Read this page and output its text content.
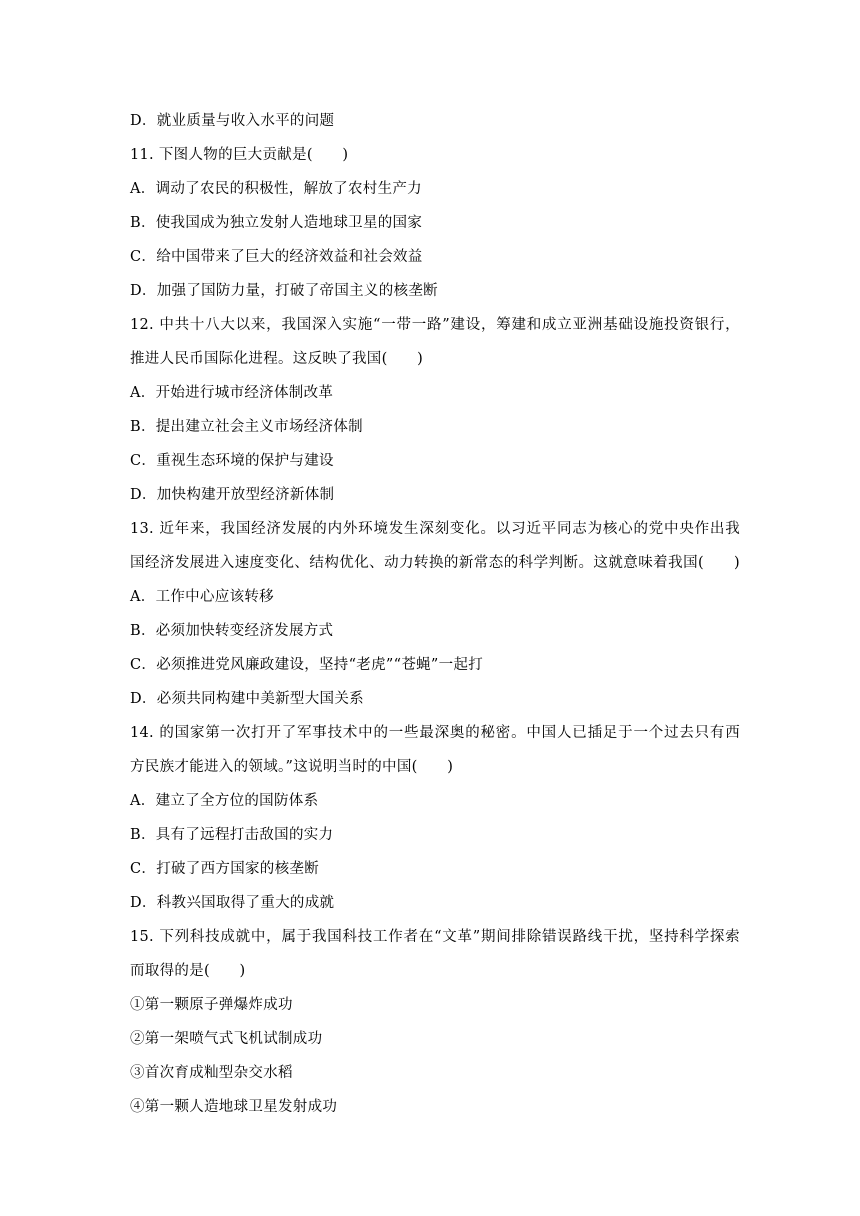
D．就业质量与收入水平的问题
11. 下图人物的巨大贡献是(　　)
A．调动了农民的积极性，解放了农村生产力
B．使我国成为独立发射人造地球卫星的国家
C．给中国带来了巨大的经济效益和社会效益
D．加强了国防力量，打破了帝国主义的核垄断
12. 中共十八大以来，我国深入实施“一带一路”建设，筹建和成立亚洲基础设施投资银行，
推进人民币国际化进程。这反映了我国(　　)
A．开始进行城市经济体制改革
B．提出建立社会主义市场经济体制
C．重视生态环境的保护与建设
D．加快构建开放型经济新体制
13. 近年来，我国经济发展的内外环境发生深刻变化。以习近平同志为核心的党中央作出我
国经济发展进入速度变化、结构优化、动力转换的新常态的科学判断。这就意味着我国(　　)
A．工作中心应该转移
B．必须加快转变经济发展方式
C．必须推进党风廉政建设，坚持“老虎”“苍蝇”一起打
D．必须共同构建中美新型大国关系
14. 的国家第一次打开了军事技术中的一些最深奥的秘密。中国人已插足于一个过去只有西
方民族才能进入的领域。”这说明当时的中国(　　)
A．建立了全方位的国防体系
B．具有了远程打击敌国的实力
C．打破了西方国家的核垄断
D．科教兴国取得了重大的成就
15. 下列科技成就中，属于我国科技工作者在“文革”期间排除错误路线干扰，坚持科学探索
而取得的是(　　)
①第一颗原子弹爆炸成功
②第一架喷气式飞机试制成功
③首次育成籼型杂交水稻
④第一颗人造地球卫星发射成功
